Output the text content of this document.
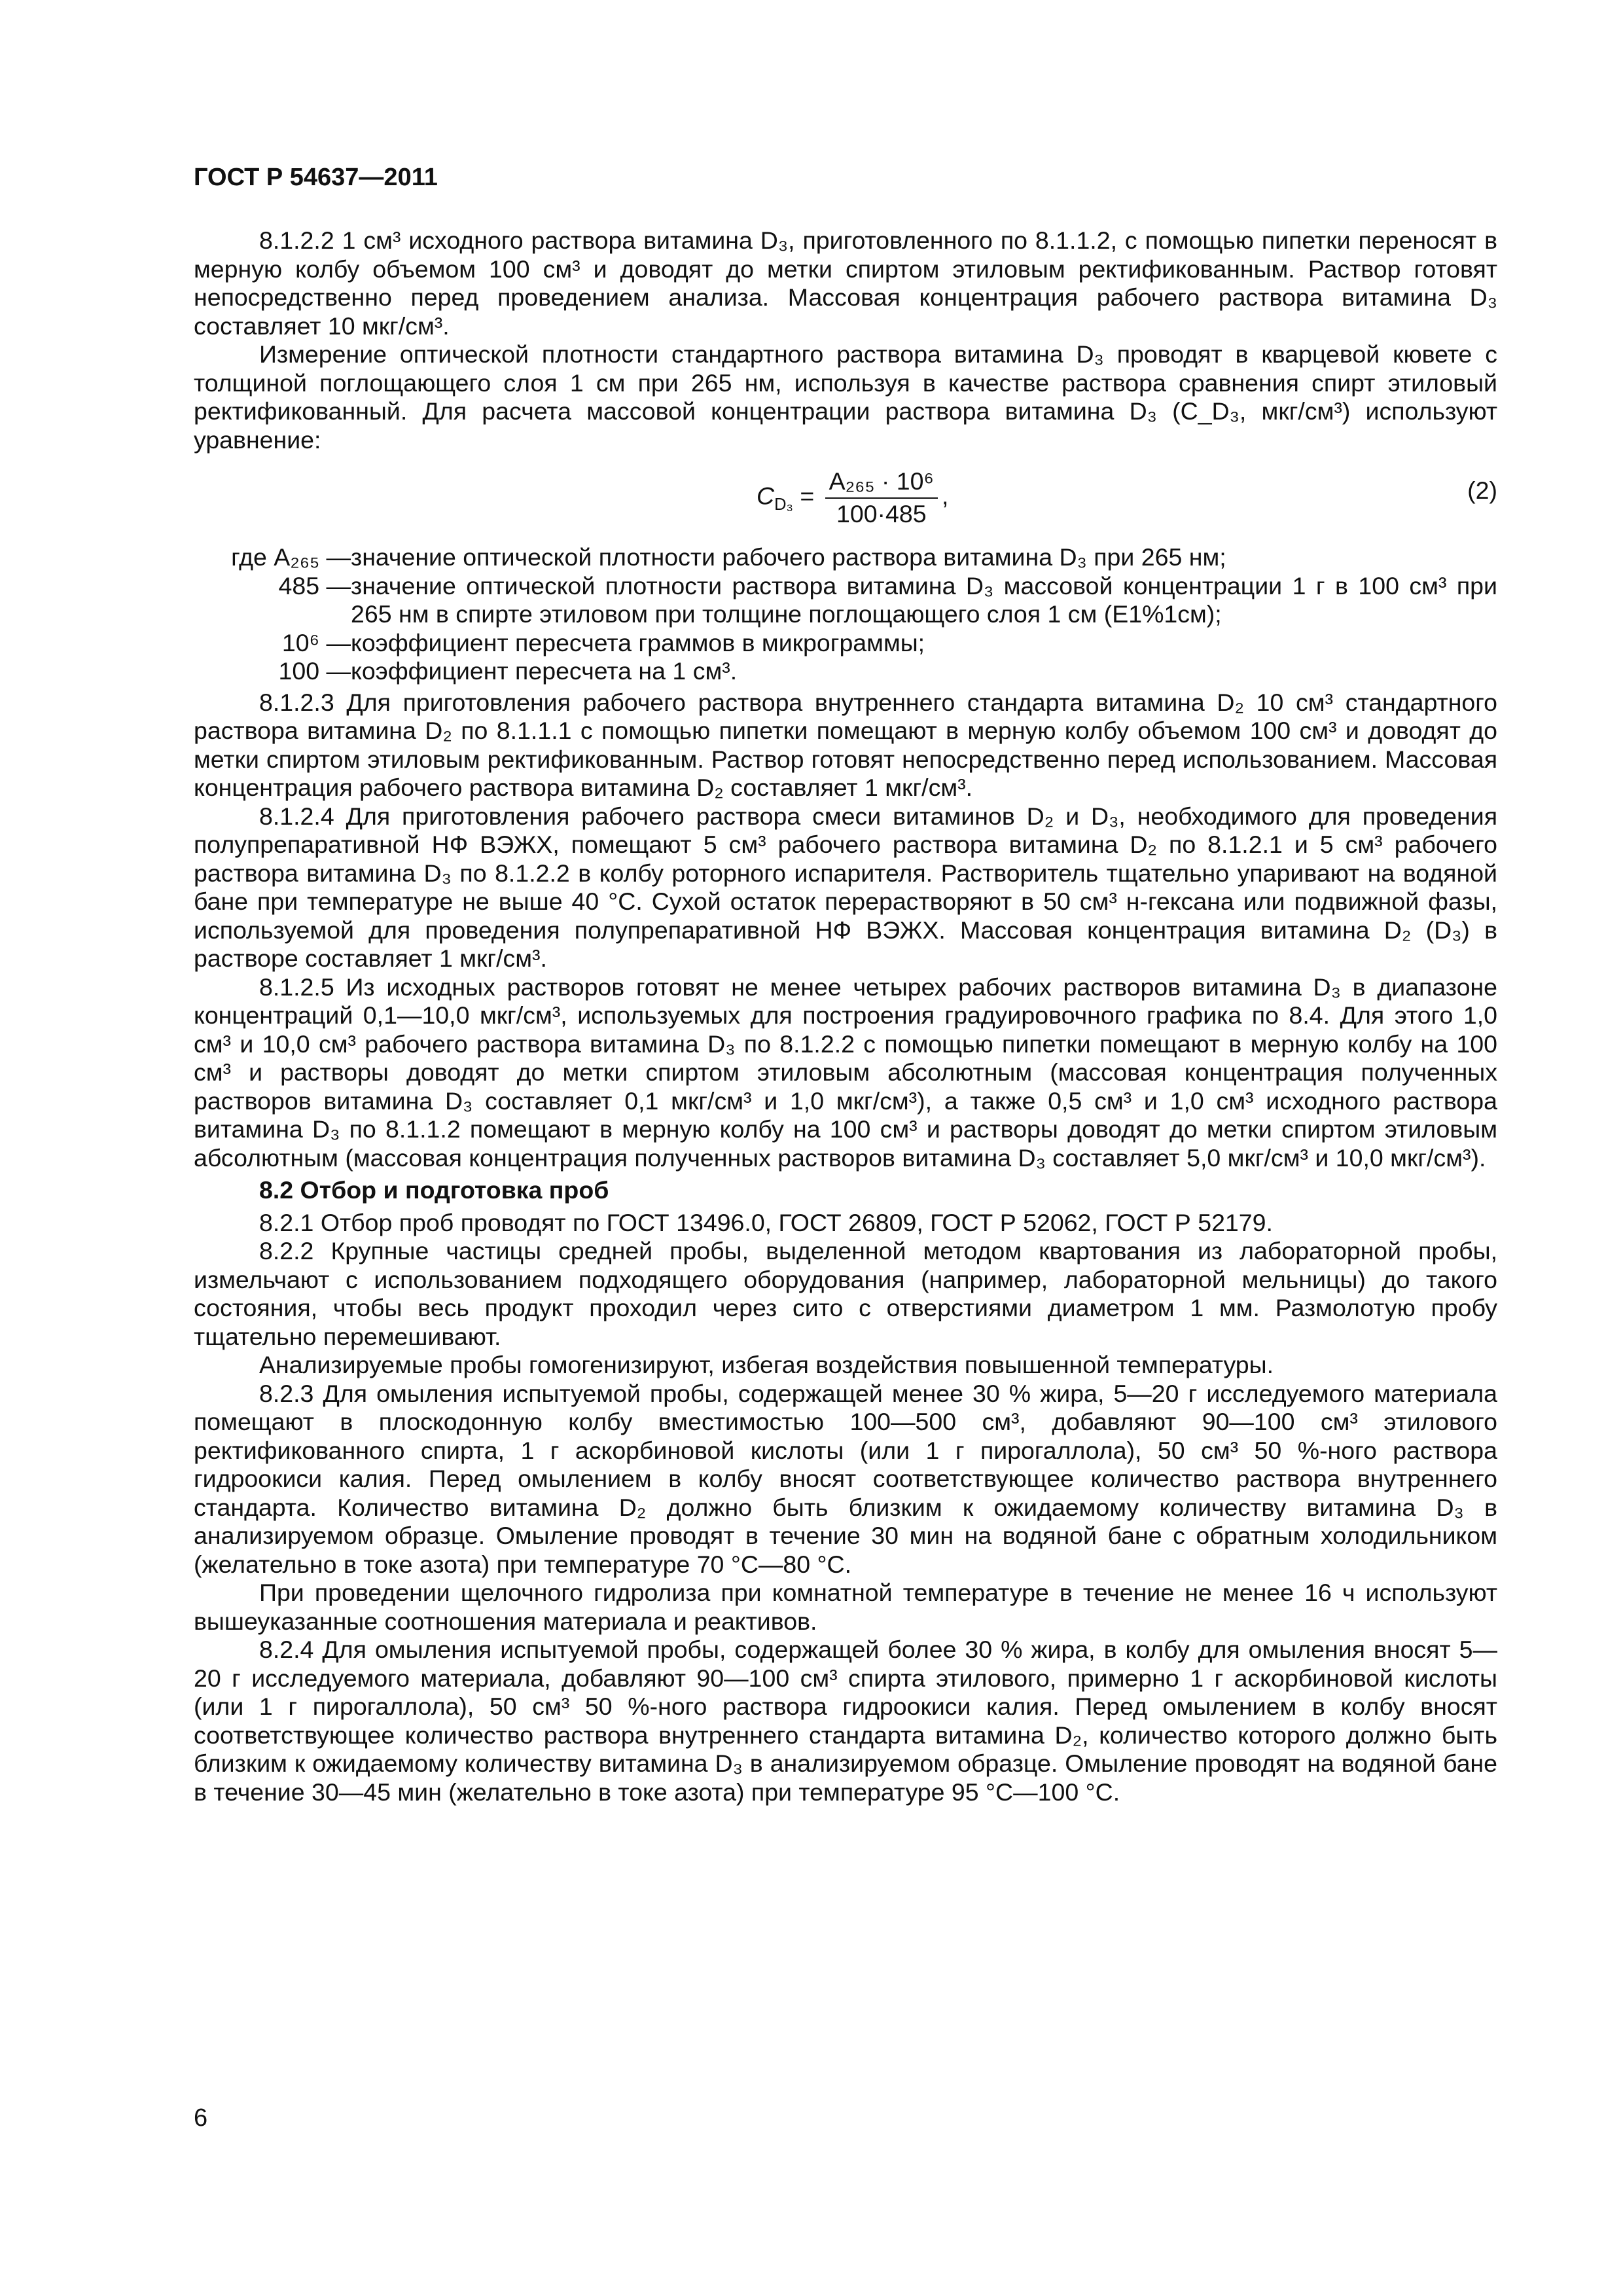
ГОСТ Р 54637—2011

8.1.2.2 1 см³ исходного раствора витамина D₃, приготовленного по 8.1.1.2, с помощью пипетки переносят в мерную колбу объемом 100 см³ и доводят до метки спиртом этиловым ректификованным. Раствор готовят непосредственно перед проведением анализа. Массовая концентрация рабочего раствора витамина D₃ составляет 10 мкг/см³.

Измерение оптической плотности стандартного раствора витамина D₃ проводят в кварцевой кювете с толщиной поглощающего слоя 1 см при 265 нм, используя в качестве раствора сравнения спирт этиловый ректификованный. Для расчета массовой концентрации раствора витамина D₃ (C_D₃, мкг/см³) используют уравнение:

$C_{D_3} = \frac{\text{A₂₆₅ · 10⁶}}{100\cdot 485}$ ,	(2)
где A₂₆₅ — значение оптической плотности рабочего раствора витамина D₃ при 265 нм;
485 — значение оптической плотности раствора витамина D₃ массовой концентрации 1 г в 100 см³ при 265 нм в спирте этиловом при толщине поглощающего слоя 1 см (E1%1см);
10⁶ — коэффициент пересчета граммов в микрограммы;
100 — коэффициент пересчета на 1 см³.

8.1.2.3 Для приготовления рабочего раствора внутреннего стандарта витамина D₂ 10 см³ стандартного раствора витамина D₂ по 8.1.1.1 с помощью пипетки помещают в мерную колбу объемом 100 см³ и доводят до метки спиртом этиловым ректификованным. Раствор готовят непосредственно перед использованием. Массовая концентрация рабочего раствора витамина D₂ составляет 1 мкг/см³.

8.1.2.4 Для приготовления рабочего раствора смеси витаминов D₂ и D₃, необходимого для проведения полупрепаративной НФ ВЭЖХ, помещают 5 см³ рабочего раствора витамина D₂ по 8.1.2.1 и 5 см³ рабочего раствора витамина D₃ по 8.1.2.2 в колбу роторного испарителя. Растворитель тщательно упаривают на водяной бане при температуре не выше 40 °С. Сухой остаток перерастворяют в 50 см³ н-гексана или подвижной фазы, используемой для проведения полупрепаративной НФ ВЭЖХ. Массовая концентрация витамина D₂ (D₃) в растворе составляет 1 мкг/см³.

8.1.2.5 Из исходных растворов готовят не менее четырех рабочих растворов витамина D₃ в диапазоне концентраций 0,1—10,0 мкг/см³, используемых для построения градуировочного графика по 8.4. Для этого 1,0 см³ и 10,0 см³ рабочего раствора витамина D₃ по 8.1.2.2 с помощью пипетки помещают в мерную колбу на 100 см³ и растворы доводят до метки спиртом этиловым абсолютным (массовая концентрация полученных растворов витамина D₃ составляет 0,1 мкг/см³ и 1,0 мкг/см³), а также 0,5 см³ и 1,0 см³ исходного раствора витамина D₃ по 8.1.1.2 помещают в мерную колбу на 100 см³ и растворы доводят до метки спиртом этиловым абсолютным (массовая концентрация полученных растворов витамина D₃ составляет 5,0 мкг/см³ и 10,0 мкг/см³).

8.2 Отбор и подготовка проб

8.2.1 Отбор проб проводят по ГОСТ 13496.0, ГОСТ 26809, ГОСТ Р 52062, ГОСТ Р 52179.

8.2.2 Крупные частицы средней пробы, выделенной методом квартования из лабораторной пробы, измельчают с использованием подходящего оборудования (например, лабораторной мельницы) до такого состояния, чтобы весь продукт проходил через сито с отверстиями диаметром 1 мм. Размолотую пробу тщательно перемешивают.

Анализируемые пробы гомогенизируют, избегая воздействия повышенной температуры.

8.2.3 Для омыления испытуемой пробы, содержащей менее 30 % жира, 5—20 г исследуемого материала помещают в плоскодонную колбу вместимостью 100—500 см³, добавляют 90—100 см³ этилового ректификованного спирта, 1 г аскорбиновой кислоты (или 1 г пирогаллола), 50 см³ 50 %-ного раствора гидроокиси калия. Перед омылением в колбу вносят соответствующее количество раствора внутреннего стандарта. Количество витамина D₂ должно быть близким к ожидаемому количеству витамина D₃ в анализируемом образце. Омыление проводят в течение 30 мин на водяной бане с обратным холодильником (желательно в токе азота) при температуре 70 °С—80 °С.

При проведении щелочного гидролиза при комнатной температуре в течение не менее 16 ч используют вышеуказанные соотношения материала и реактивов.

8.2.4 Для омыления испытуемой пробы, содержащей более 30 % жира, в колбу для омыления вносят 5—20 г исследуемого материала, добавляют 90—100 см³ спирта этилового, примерно 1 г аскорбиновой кислоты (или 1 г пирогаллола), 50 см³ 50 %-ного раствора гидроокиси калия. Перед омылением в колбу вносят соответствующее количество раствора внутреннего стандарта витамина D₂, количество которого должно быть близким к ожидаемому количеству витамина D₃ в анализируемом образце. Омыление проводят на водяной бане в течение 30—45 мин (желательно в токе азота) при температуре 95 °С—100 °С.

6
